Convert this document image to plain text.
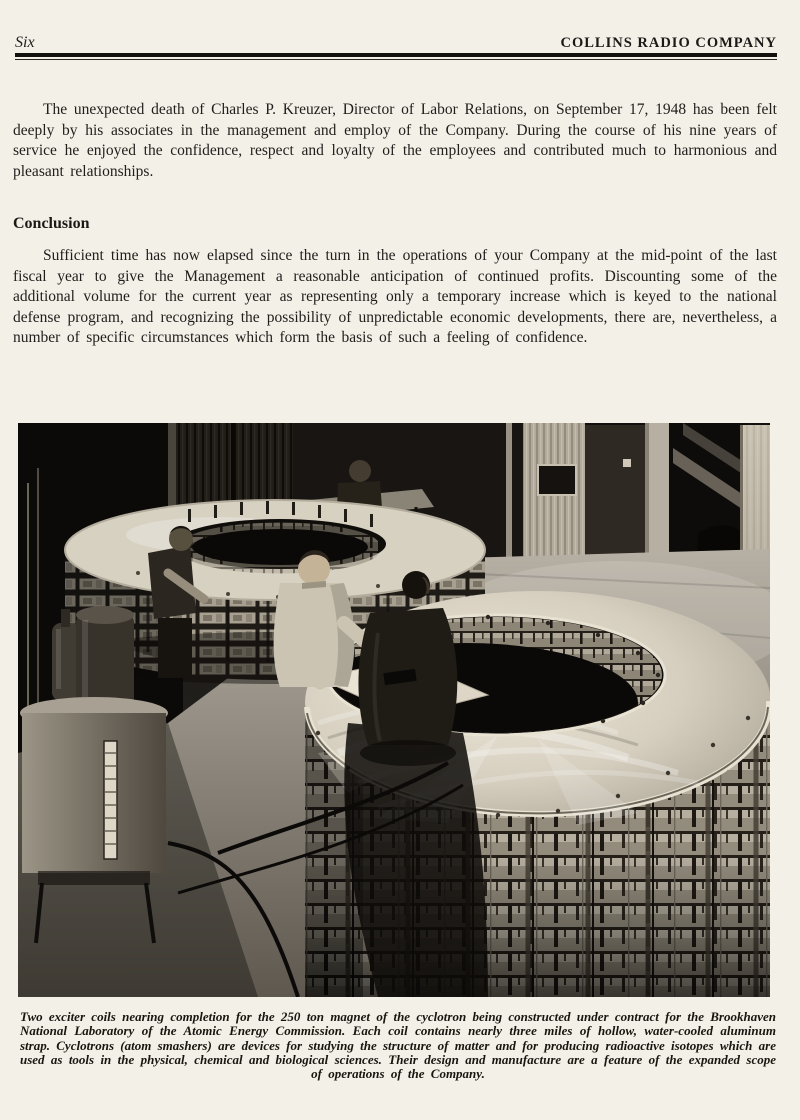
Six	COLLINS RADIO COMPANY

The unexpected death of Charles P. Kreuzer, Director of Labor Relations, on September 17, 1948 has been felt deeply by his associates in the management and employ of the Company. During the course of his nine years of service he enjoyed the confidence, respect and loyalty of the employees and contributed much to harmonious and pleasant relationships.

Conclusion

Sufficient time has now elapsed since the turn in the operations of your Company at the mid-point of the last fiscal year to give the Management a reasonable anticipation of continued profits. Discounting some of the additional volume for the current year as representing only a temporary increase which is keyed to the national defense program, and recognizing the possibility of unpredictable economic developments, there are, nevertheless, a number of specific circumstances which form the basis of such a feeling of confidence.

Two exciter coils nearing completion for the 250 ton magnet of the cyclotron being constructed under contract for the Brookhaven National Laboratory of the Atomic Energy Commission. Each coil contains nearly three miles of hollow, water-cooled aluminum strap. Cyclotrons (atom smashers) are devices for studying the structure of matter and for producing radioactive isotopes which are used as tools in the physical, chemical and biological sciences. Their design and manufacture are a feature of the expanded scope of operations of the Company.
